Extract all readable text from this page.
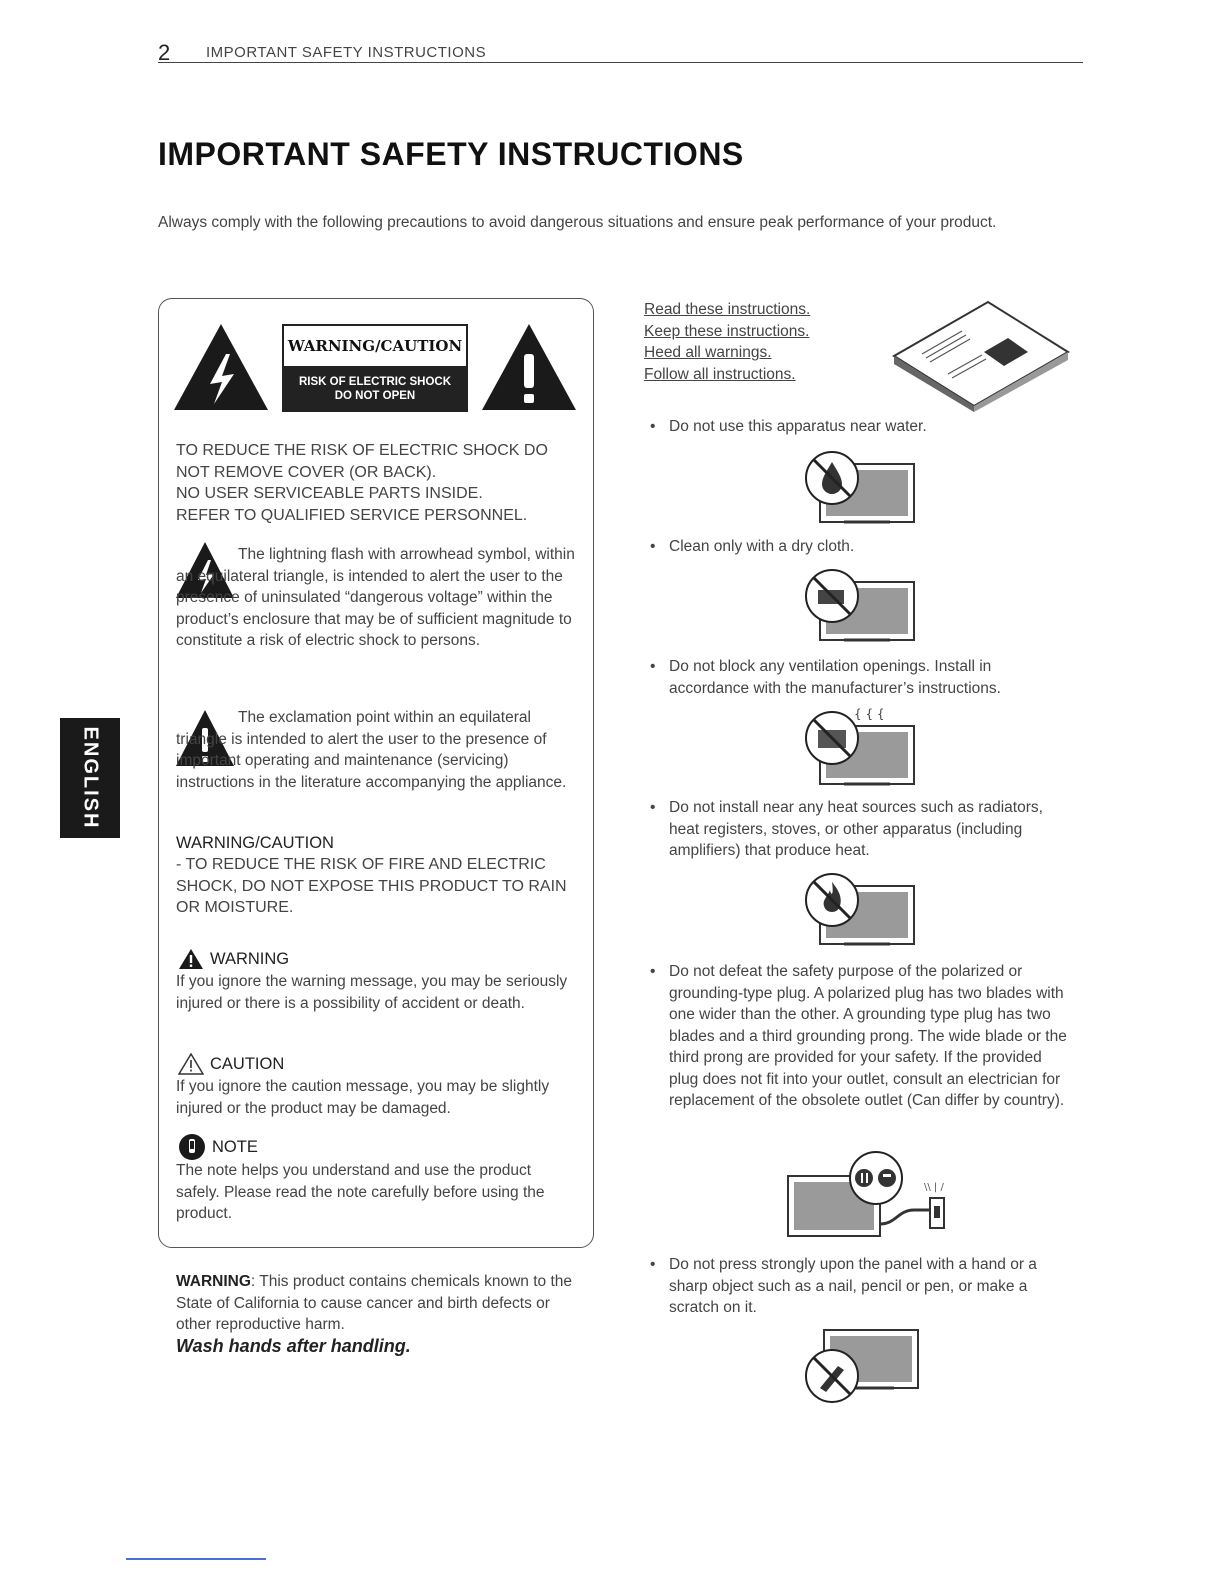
2 IMPORTANT SAFETY INSTRUCTIONS
IMPORTANT SAFETY INSTRUCTIONS

Always comply with the following precautions to avoid dangerous situations and ensure peak performance of your product.

ENGLISH
WARNING/CAUTION
RISK OF ELECTRIC SHOCK
DO NOT OPEN

TO REDUCE THE RISK OF ELECTRIC SHOCK DO

NOT REMOVE COVER (OR BACK).

NO USER SERVICEABLE PARTS INSIDE.

REFER TO QUALIFIED SERVICE PERSONNEL.

The lightning flash with arrowhead symbol, within an equilateral triangle, is intended to alert the user to the presence of uninsulated “dangerous voltage” within the product’s enclosure that may be of sufficient magnitude to constitute a risk of electric shock to persons.
The exclamation point within an equilateral triangle is intended to alert the user to the presence of important operating and maintenance (servicing) instructions in the literature accompanying the appliance.

WARNING/CAUTION

- TO REDUCE THE RISK OF FIRE AND ELECTRIC SHOCK, DO NOT EXPOSE THIS PRODUCT TO RAIN OR MOISTURE.
WARNING
If you ignore the warning message, you may be seriously injured or there is a possibility of accident or death.
CAUTION
If you ignore the caution message, you may be slightly injured or the product may be damaged.
NOTE
The note helps you understand and use the product safely. Please read the note carefully before using the product.
WARNING: This product contains chemicals known to the State of California to cause cancer and birth defects or other reproductive harm.
Wash hands after handling.
Read these instructions.
Keep these instructions.
Heed all warnings.
Follow all instructions.
• Do not use this apparatus near water.
• Clean only with a dry cloth.
• Do not block any ventilation openings. Install in accordance with the manufacturer’s instructions.
• Do not install near any heat sources such as radiators, heat registers, stoves, or other apparatus (including amplifiers) that produce heat.
• Do not defeat the safety purpose of the polarized or grounding-type plug. A polarized plug has two blades with one wider than the other. A grounding type plug has two blades and a third grounding prong. The wide blade or the third prong are provided for your safety. If the provided plug does not fit into your outlet, consult an electrician for replacement of the obsolete outlet (Can differ by country).
• Do not press strongly upon the panel with a hand or a sharp object such as a nail, pencil or pen, or make a scratch on it.
{ { {
\\ | /
